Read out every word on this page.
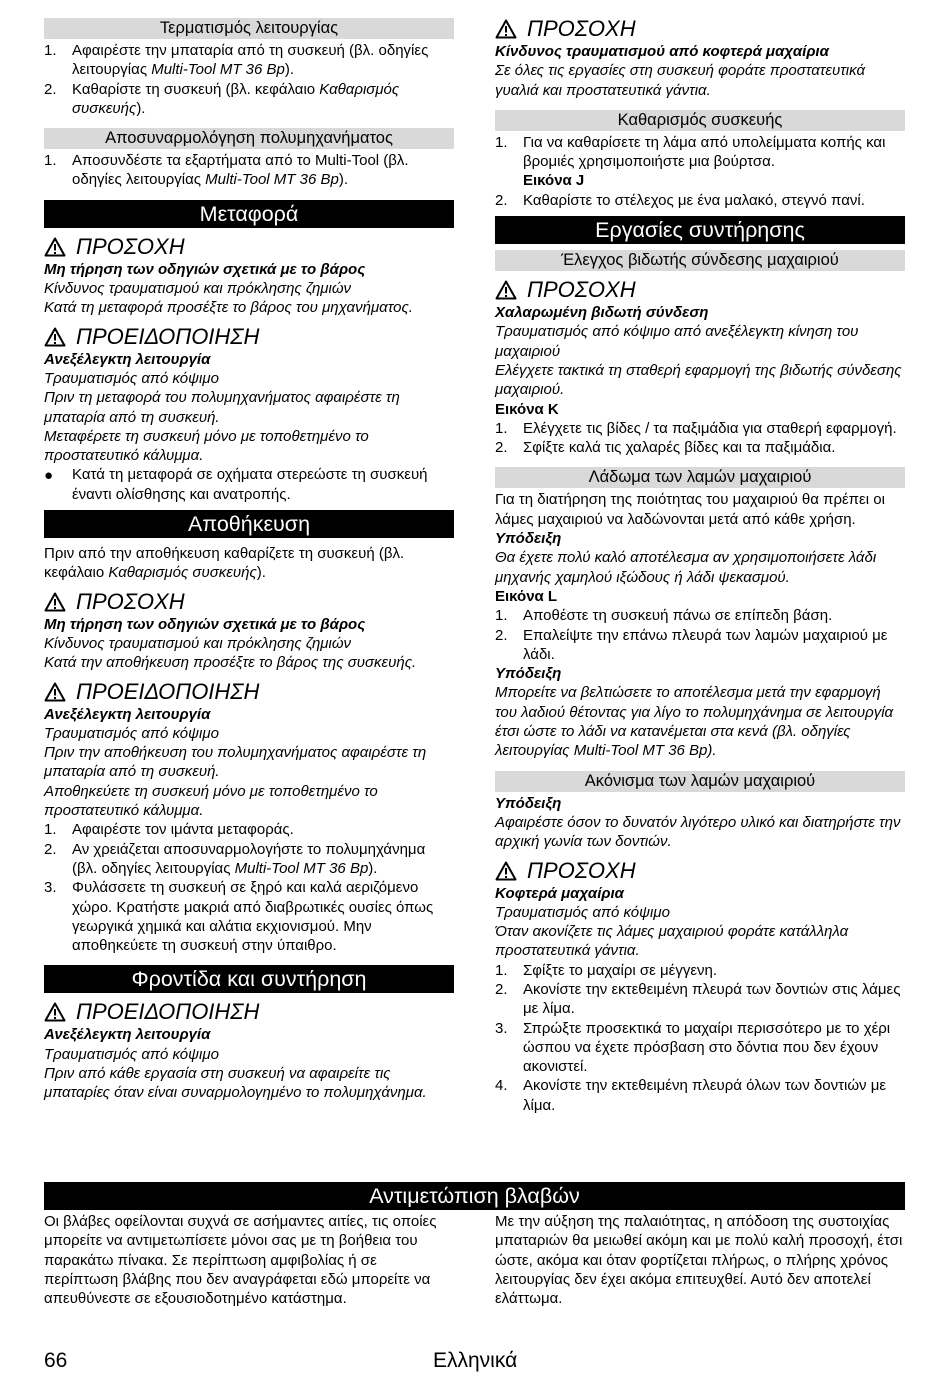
Τερματισμός λειτουργίας
1. Αφαιρέστε την μπαταρία από τη συσκευή (βλ. οδηγίες λειτουργίας Multi-Tool MT 36 Bp).
2. Καθαρίστε τη συσκευή (βλ. κεφάλαιο Καθαρισμός συσκευής).
Αποσυναρμολόγηση πολυμηχανήματος
1. Αποσυνδέστε τα εξαρτήματα από το Multi-Tool (βλ. οδηγίες λειτουργίας Multi-Tool MT 36 Bp).
Μεταφορά
ΠΡΟΣΟΧΗ

Μη τήρηση των οδηγιών σχετικά με το βάρος

Κίνδυνος τραυματισμού και πρόκλησης ζημιών

Κατά τη μεταφορά προσέξτε το βάρος του μηχανήματος.

ΠΡΟΕΙΔΟΠΟΙΗΣΗ

Ανεξέλεγκτη λειτουργία

Τραυματισμός από κόψιμο

Πριν τη μεταφορά του πολυμηχανήματος αφαιρέστε τη μπαταρία από τη συσκευή.

Μεταφέρετε τη συσκευή μόνο με τοποθετημένο το προστατευτικό κάλυμμα.

● Κατά τη μεταφορά σε οχήματα στερεώστε τη συσκευή έναντι ολίσθησης και ανατροπής.
Αποθήκευση

Πριν από την αποθήκευση καθαρίζετε τη συσκευή (βλ. κεφάλαιο Καθαρισμός συσκευής).

ΠΡΟΣΟΧΗ

Μη τήρηση των οδηγιών σχετικά με το βάρος

Κίνδυνος τραυματισμού και πρόκλησης ζημιών

Κατά την αποθήκευση προσέξτε το βάρος της συσκευής.

ΠΡΟΕΙΔΟΠΟΙΗΣΗ

Ανεξέλεγκτη λειτουργία

Τραυματισμός από κόψιμο

Πριν την αποθήκευση του πολυμηχανήματος αφαιρέστε τη μπαταρία από τη συσκευή.

Αποθηκεύετε τη συσκευή μόνο με τοποθετημένο το προστατευτικό κάλυμμα.

1. Αφαιρέστε τον ιμάντα μεταφοράς.
2. Αν χρειάζεται αποσυναρμολογήστε το πολυμηχάνημα (βλ. οδηγίες λειτουργίας Multi-Tool MT 36 Bp).
3. Φυλάσσετε τη συσκευή σε ξηρό και καλά αεριζόμενο χώρο. Κρατήστε μακριά από διαβρωτικές ουσίες όπως γεωργικά χημικά και αλάτια εκχιονισμού. Μην αποθηκεύετε τη συσκευή στην ύπαιθρο.
Φροντίδα και συντήρηση
ΠΡΟΕΙΔΟΠΟΙΗΣΗ

Ανεξέλεγκτη λειτουργία

Τραυματισμός από κόψιμο

Πριν από κάθε εργασία στη συσκευή να αφαιρείτε τις μπαταρίες όταν είναι συναρμολογημένο το πολυμηχάνημα.

ΠΡΟΣΟΧΗ

Κίνδυνος τραυματισμού από κοφτερά μαχαίρια

Σε όλες τις εργασίες στη συσκευή φοράτε προστατευτικά γυαλιά και προστατευτικά γάντια.

Καθαρισμός συσκευής
1. Για να καθαρίσετε τη λάμα από υπολείμματα κοπής και βρομιές χρησιμοποιήστε μια βούρτσα.
Εικόνα J
2. Καθαρίστε το στέλεχος με ένα μαλακό, στεγνό πανί.
Εργασίες συντήρησης
Έλεγχος βιδωτής σύνδεσης μαχαιριού
ΠΡΟΣΟΧΗ

Χαλαρωμένη βιδωτή σύνδεση

Τραυματισμός από κόψιμο από ανεξέλεγκτη κίνηση του μαχαιριού

Ελέγχετε τακτικά τη σταθερή εφαρμογή της βιδωτής σύνδεσης μαχαιριού.

Εικόνα K

1. Ελέγχετε τις βίδες / τα παξιμάδια για σταθερή εφαρμογή.
2. Σφίξτε καλά τις χαλαρές βίδες και τα παξιμάδια.
Λάδωμα των λαμών μαχαιριού

Για τη διατήρηση της ποιότητας του μαχαιριού θα πρέπει οι λάμες μαχαιριού να λαδώνονται μετά από κάθε χρήση.

Υπόδειξη

Θα έχετε πολύ καλό αποτέλεσμα αν χρησιμοποιήσετε λάδι μηχανής χαμηλού ιξώδους ή λάδι ψεκασμού.

Εικόνα L

1. Αποθέστε τη συσκευή πάνω σε επίπεδη βάση.
2. Επαλείψτε την επάνω πλευρά των λαμών μαχαιριού με λάδι.

Υπόδειξη

Μπορείτε να βελτιώσετε το αποτέλεσμα μετά την εφαρμογή του λαδιού θέτοντας για λίγο το πολυμηχάνημα σε λειτουργία έτσι ώστε το λάδι να κατανέμεται στα κενά (βλ. οδηγίες λειτουργίας Multi-Tool MT 36 Bp).

Ακόνισμα των λαμών μαχαιριού

Υπόδειξη

Αφαιρέστε όσον το δυνατόν λιγότερο υλικό και διατηρήστε την αρχική γωνία των δοντιών.

ΠΡΟΣΟΧΗ

Κοφτερά μαχαίρια

Τραυματισμός από κόψιμο

Όταν ακονίζετε τις λάμες μαχαιριού φοράτε κατάλληλα προστατευτικά γάντια.

1. Σφίξτε το μαχαίρι σε μέγγενη.
2. Ακονίστε την εκτεθειμένη πλευρά των δοντιών στις λάμες με λίμα.
3. Σπρώξτε προσεκτικά το μαχαίρι περισσότερο με το χέρι ώσπου να έχετε πρόσβαση στο δόντια που δεν έχουν ακονιστεί.
4. Ακονίστε την εκτεθειμένη πλευρά όλων των δοντιών με λίμα.
Αντιμετώπιση βλαβών
Οι βλάβες οφείλονται συχνά σε ασήμαντες αιτίες, τις οποίες μπορείτε να αντιμετωπίσετε μόνοι σας με τη βοήθεια του παρακάτω πίνακα. Σε περίπτωση αμφιβολίας ή σε περίπτωση βλάβης που δεν αναγράφεται εδώ μπορείτε να απευθύνεστε σε εξουσιοδοτημένο κατάστημα.
Με την αύξηση της παλαιότητας, η απόδοση της συστοιχίας μπαταριών θα μειωθεί ακόμη και με πολύ καλή προσοχή, έτσι ώστε, ακόμα και όταν φορτίζεται πλήρως, ο πλήρης χρόνος λειτουργίας δεν έχει ακόμα επιτευχθεί. Αυτό δεν αποτελεί ελάττωμα.
66	Ελληνικά
